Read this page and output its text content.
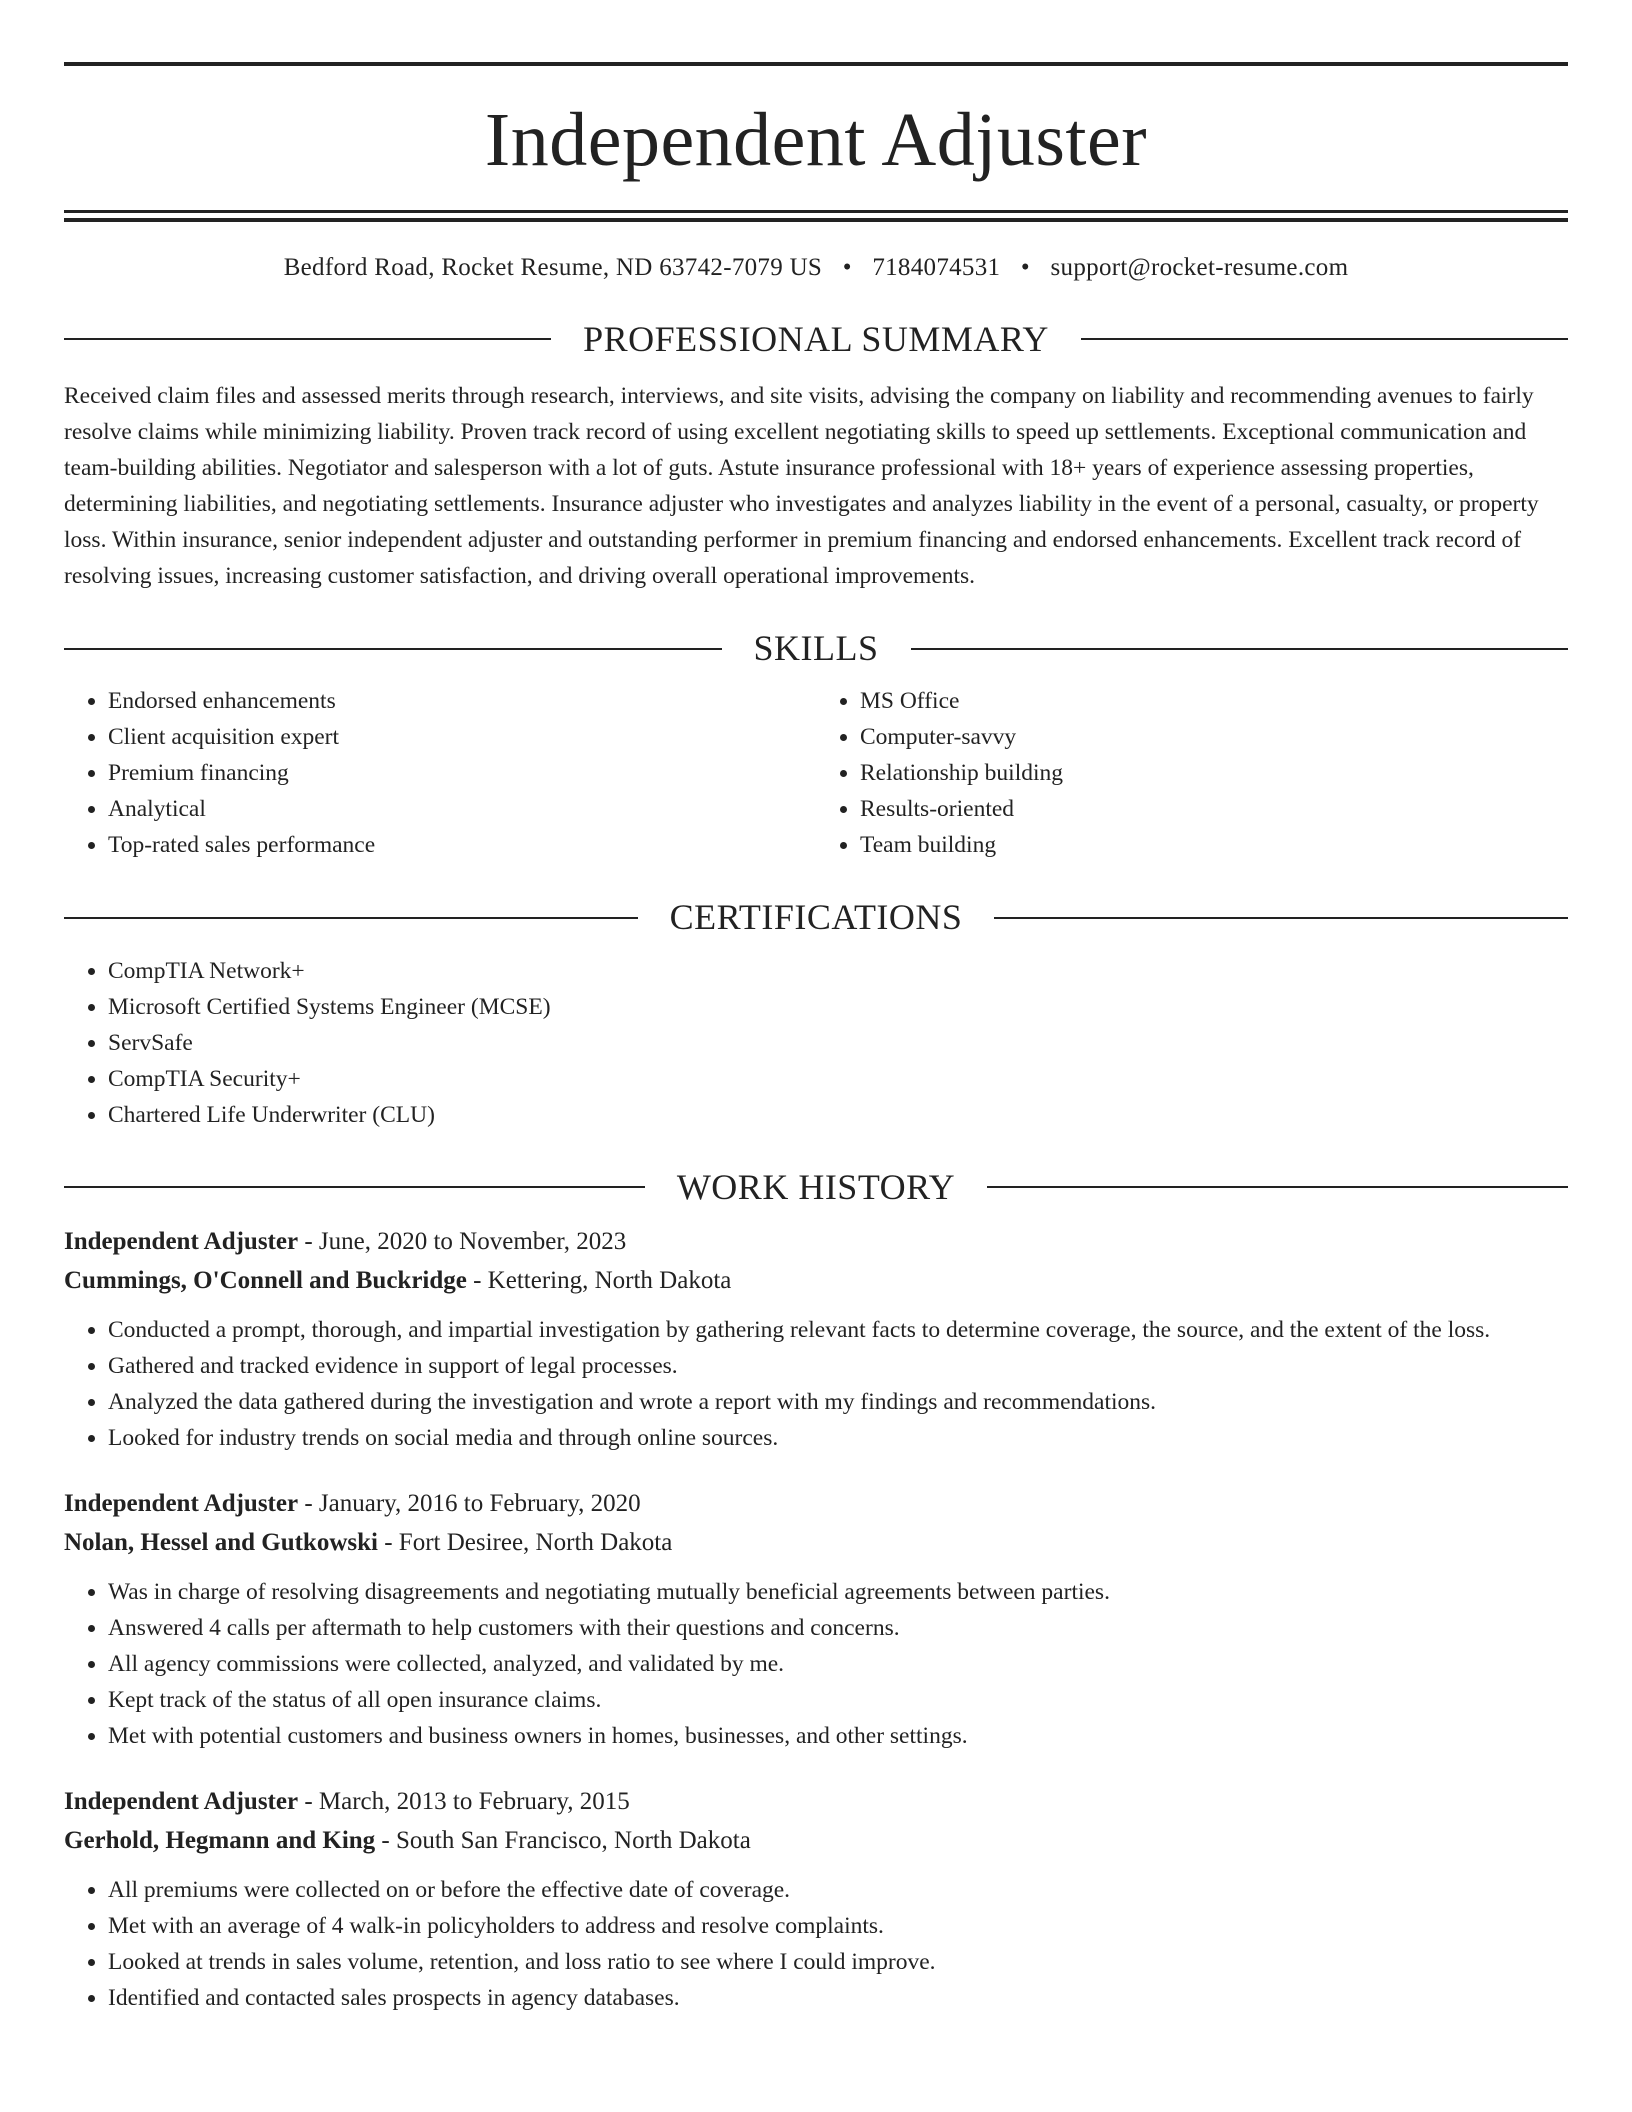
Independent Adjuster
Bedford Road, Rocket Resume, ND 63742-7079 US • 7184074531 • support@rocket-resume.com
PROFESSIONAL SUMMARY
Received claim files and assessed merits through research, interviews, and site visits, advising the company on liability and recommending avenues to fairly resolve claims while minimizing liability. Proven track record of using excellent negotiating skills to speed up settlements. Exceptional communication and team-building abilities. Negotiator and salesperson with a lot of guts. Astute insurance professional with 18+ years of experience assessing properties, determining liabilities, and negotiating settlements. Insurance adjuster who investigates and analyzes liability in the event of a personal, casualty, or property loss. Within insurance, senior independent adjuster and outstanding performer in premium financing and endorsed enhancements. Excellent track record of resolving issues, increasing customer satisfaction, and driving overall operational improvements.
SKILLS
• Endorsed enhancements
• Client acquisition expert
• Premium financing
• Analytical
• Top-rated sales performance
• MS Office
• Computer-savvy
• Relationship building
• Results-oriented
• Team building
CERTIFICATIONS
• CompTIA Network+
• Microsoft Certified Systems Engineer (MCSE)
• ServSafe
• CompTIA Security+
• Chartered Life Underwriter (CLU)
WORK HISTORY
Independent Adjuster - June, 2020 to November, 2023
Cummings, O'Connell and Buckridge - Kettering, North Dakota
• Conducted a prompt, thorough, and impartial investigation by gathering relevant facts to determine coverage, the source, and the extent of the loss.
• Gathered and tracked evidence in support of legal processes.
• Analyzed the data gathered during the investigation and wrote a report with my findings and recommendations.
• Looked for industry trends on social media and through online sources.
Independent Adjuster - January, 2016 to February, 2020
Nolan, Hessel and Gutkowski - Fort Desiree, North Dakota
• Was in charge of resolving disagreements and negotiating mutually beneficial agreements between parties.
• Answered 4 calls per aftermath to help customers with their questions and concerns.
• All agency commissions were collected, analyzed, and validated by me.
• Kept track of the status of all open insurance claims.
• Met with potential customers and business owners in homes, businesses, and other settings.
Independent Adjuster - March, 2013 to February, 2015
Gerhold, Hegmann and King - South San Francisco, North Dakota
• All premiums were collected on or before the effective date of coverage.
• Met with an average of 4 walk-in policyholders to address and resolve complaints.
• Looked at trends in sales volume, retention, and loss ratio to see where I could improve.
• Identified and contacted sales prospects in agency databases.
